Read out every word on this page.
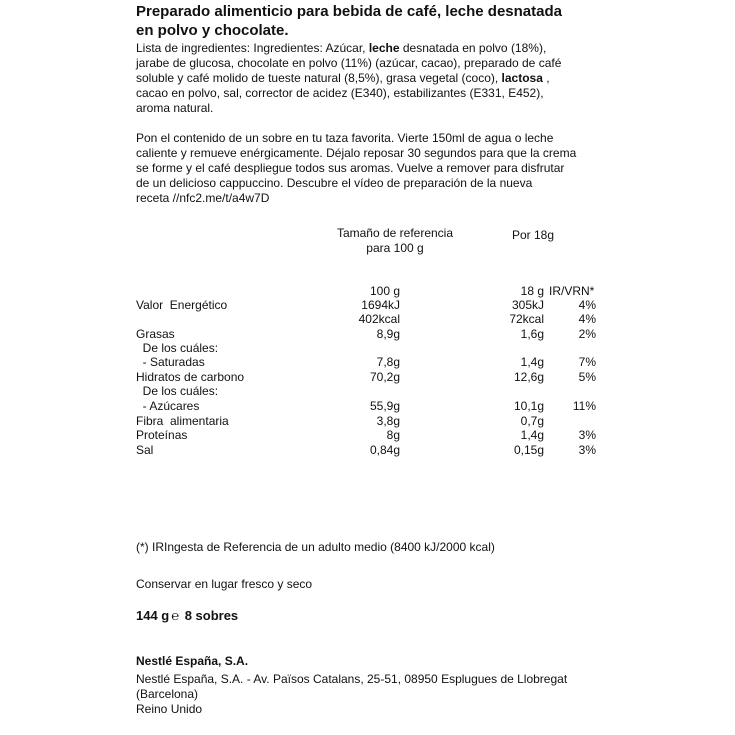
Preparado alimenticio para bebida de café, leche desnatada
en polvo y chocolate.
Lista de ingredientes: Ingredientes: Azúcar, leche desnatada en polvo (18%),
jarabe de glucosa, chocolate en polvo (11%) (azúcar, cacao), preparado de café
soluble y café molido de tueste natural (8,5%), grasa vegetal (coco), lactosa ,
cacao en polvo, sal, corrector de acidez (E340), estabilizantes (E331, E452),
aroma natural.
Pon el contenido de un sobre en tu taza favorita. Vierte 150ml de agua o leche
caliente y remueve enérgicamente. Déjalo reposar 30 segundos para que la crema
se forme y el café despliegue todos sus aromas. Vuelve a remover para disfrutar
de un delicioso cappuccino. Descubre el vídeo de preparación de la nueva
receta //nfc2.me/t/a4w7D
Tamaño de referencia
para 100 g
Por 18g
100 g	18 g IR/VRN*
Valor  Energético	1694kJ	305kJ	4%
402kcal	72kcal	4%
Grasas	8,9g	1,6g	2%
De los cuáles:
- Saturadas	7,8g	1,4g	7%
Hidratos de carbono	70,2g	12,6g	5%
De los cuáles:
- Azúcares	55,9g	10,1g	11%
Fibra  alimentaria	3,8g	0,7g
Proteínas	8g	1,4g	3%
Sal	0,84g	0,15g	3%
(*) IRIngesta de Referencia de un adulto medio (8400 kJ/2000 kcal)
Conservar en lugar fresco y seco
144 g ℮ 8 sobres
Nestlé España, S.A.
Nestlé España, S.A. - Av. Països Catalans, 25-51, 08950 Esplugues de Llobregat
(Barcelona)
Reino Unido
